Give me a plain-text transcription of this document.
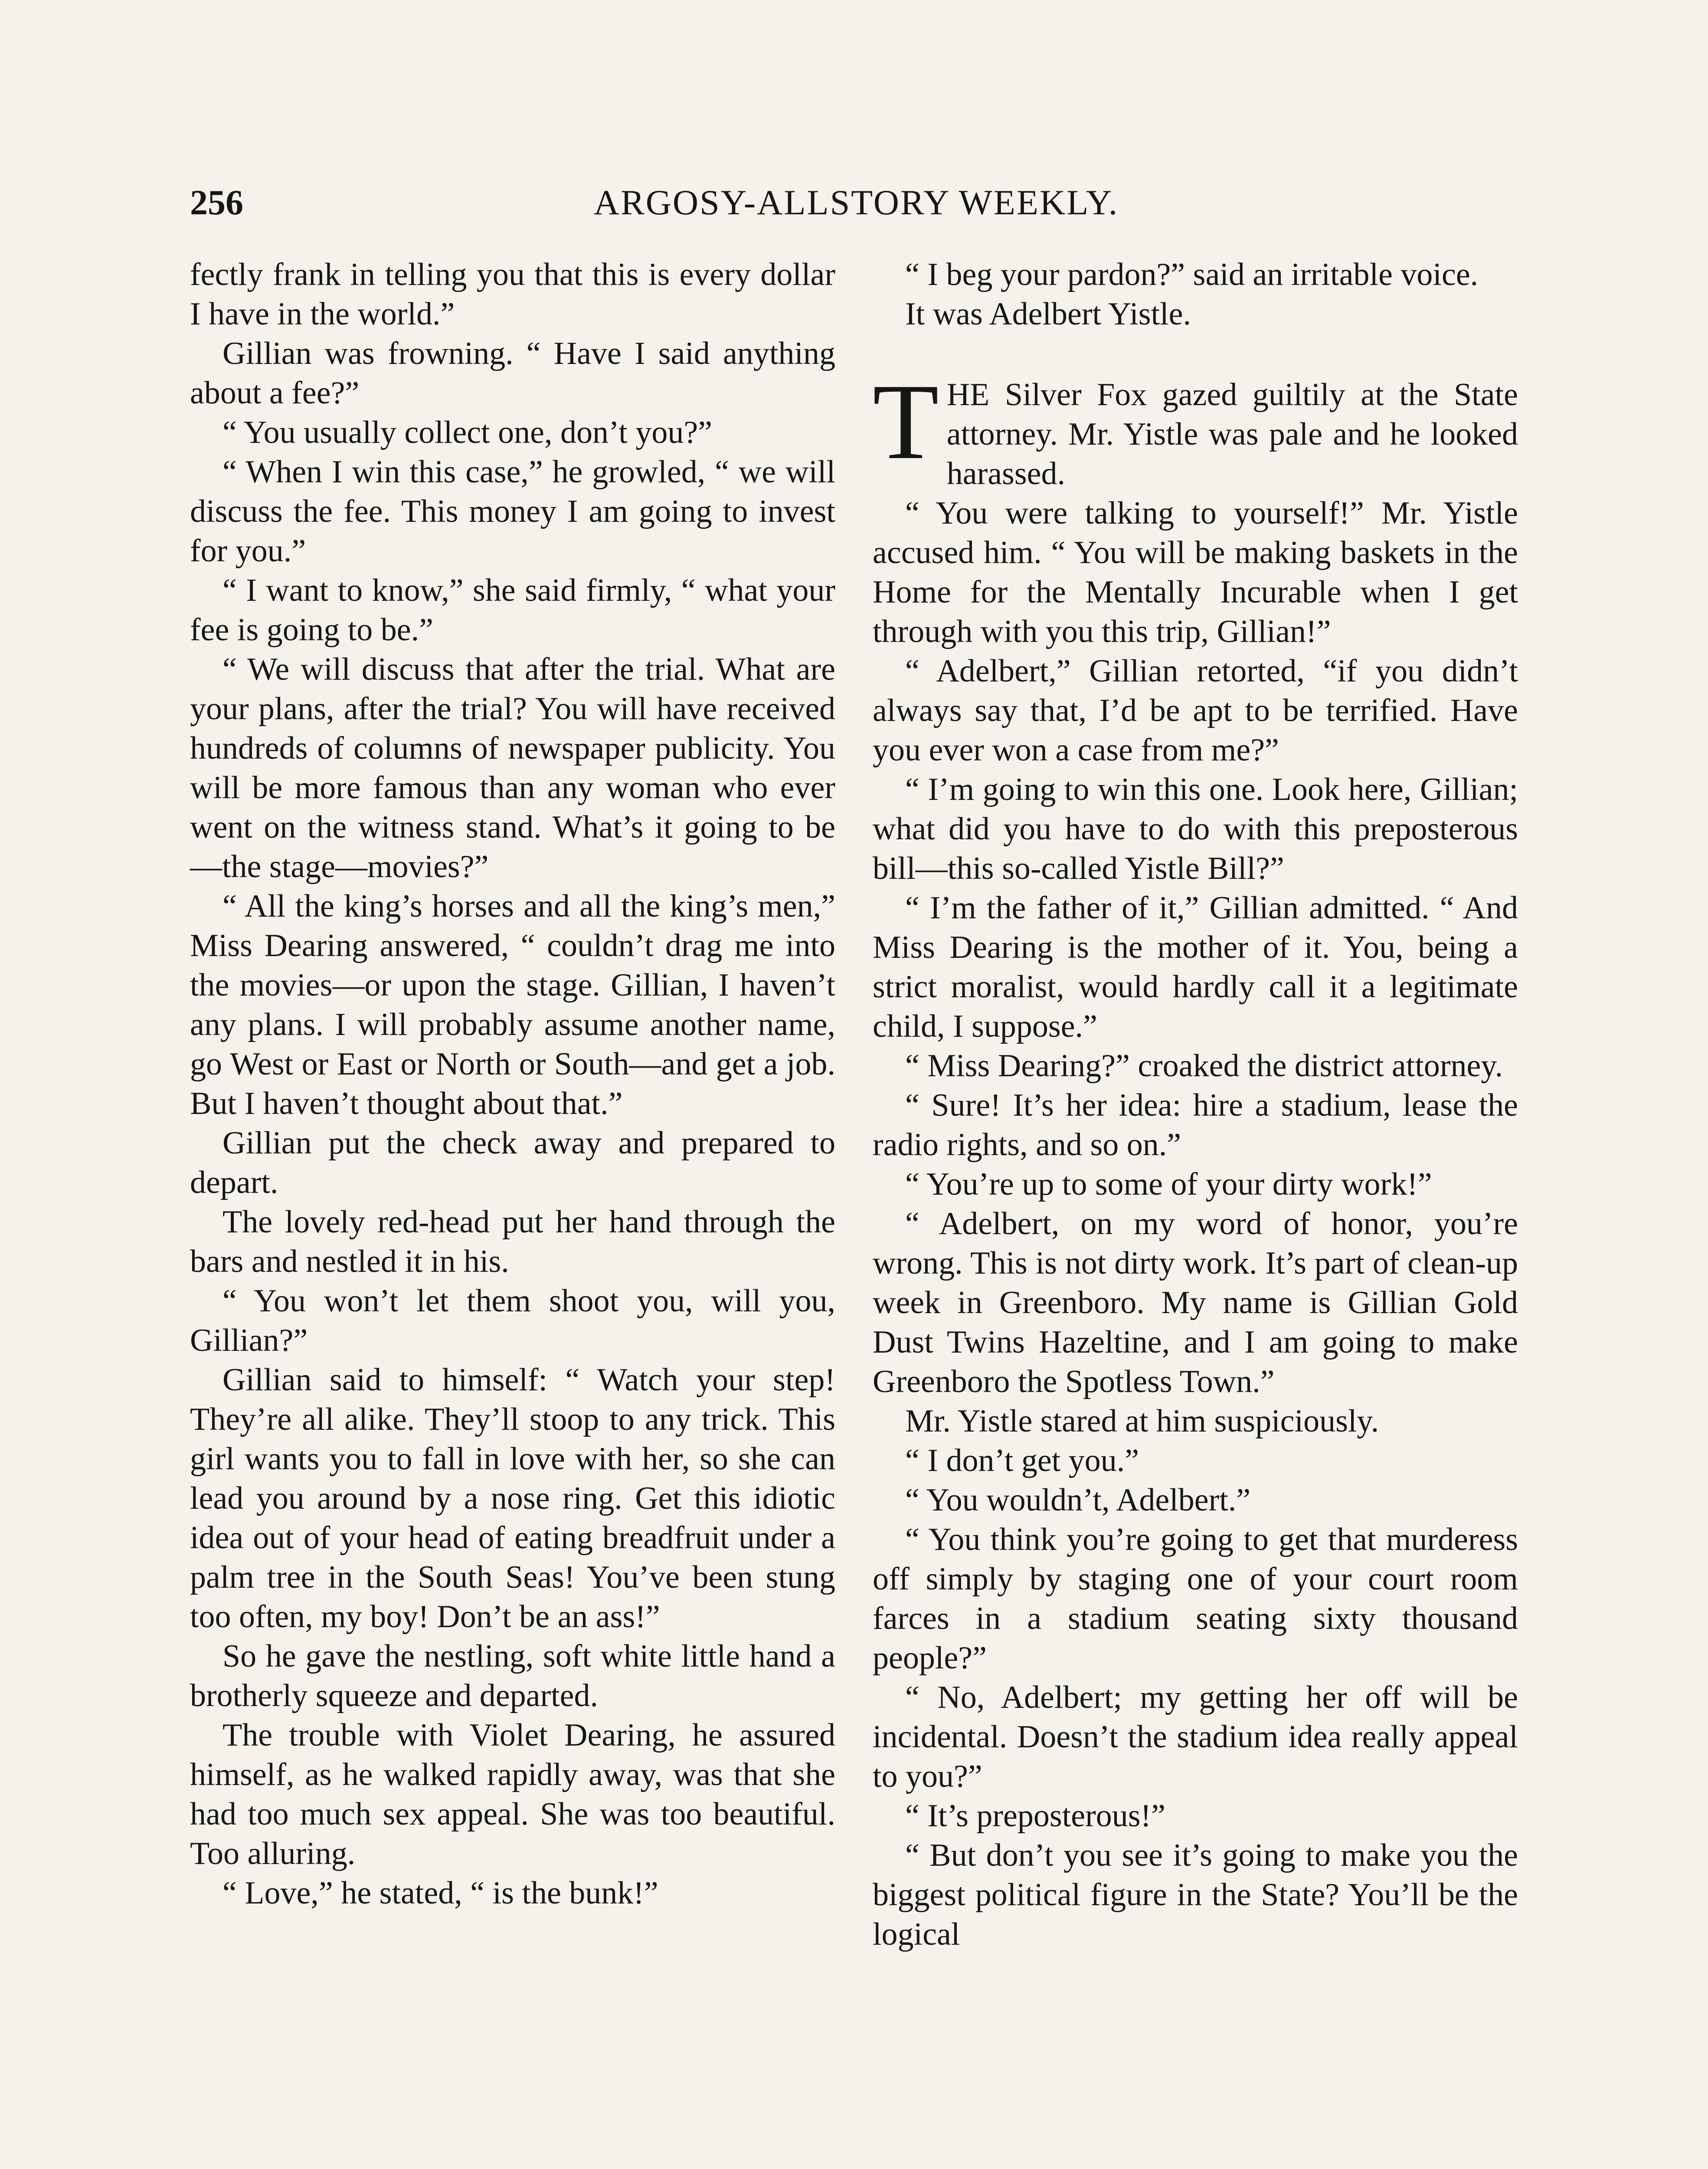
256	ARGOSY-ALLSTORY WEEKLY.

fectly frank in telling you that this is every dollar I have in the world.”

Gillian was frowning. “ Have I said anything about a fee?”

“ You usually collect one, don’t you?”

“ When I win this case,” he growled, “ we will discuss the fee. This money I am going to invest for you.”

“ I want to know,” she said firmly, “ what your fee is going to be.”

“ We will discuss that after the trial. What are your plans, after the trial? You will have received hundreds of columns of newspaper publicity. You will be more famous than any woman who ever went on the witness stand. What’s it going to be—the stage—movies?”

“ All the king’s horses and all the king’s men,” Miss Dearing answered, “ couldn’t drag me into the movies—or upon the stage. Gillian, I haven’t any plans. I will probably assume another name, go West or East or North or South—and get a job. But I haven’t thought about that.”

Gillian put the check away and prepared to depart.

The lovely red-head put her hand through the bars and nestled it in his.

“ You won’t let them shoot you, will you, Gillian?”

Gillian said to himself: “ Watch your step! They’re all alike. They’ll stoop to any trick. This girl wants you to fall in love with her, so she can lead you around by a nose ring. Get this idiotic idea out of your head of eating breadfruit under a palm tree in the South Seas! You’ve been stung too often, my boy! Don’t be an ass!”

So he gave the nestling, soft white little hand a brotherly squeeze and departed.

The trouble with Violet Dearing, he assured himself, as he walked rapidly away, was that she had too much sex appeal. She was too beautiful. Too alluring.

“ Love,” he stated, “ is the bunk!”

“ I beg your pardon?” said an irritable voice.

It was Adelbert Yistle.

THE Silver Fox gazed guiltily at the State attorney. Mr. Yistle was pale and he looked harassed.

“ You were talking to yourself!” Mr. Yistle accused him. “ You will be making baskets in the Home for the Mentally Incurable when I get through with you this trip, Gillian!”

“ Adelbert,” Gillian retorted, “if you didn’t always say that, I’d be apt to be terrified. Have you ever won a case from me?”

“ I’m going to win this one. Look here, Gillian; what did you have to do with this preposterous bill—this so-called Yistle Bill?”

“ I’m the father of it,” Gillian admitted. “ And Miss Dearing is the mother of it. You, being a strict moralist, would hardly call it a legitimate child, I suppose.”

“ Miss Dearing?” croaked the district attorney.

“ Sure! It’s her idea: hire a stadium, lease the radio rights, and so on.”

“ You’re up to some of your dirty work!”

“ Adelbert, on my word of honor, you’re wrong. This is not dirty work. It’s part of clean-up week in Greenboro. My name is Gillian Gold Dust Twins Hazeltine, and I am going to make Greenboro the Spotless Town.”

Mr. Yistle stared at him suspiciously.

“ I don’t get you.”

“ You wouldn’t, Adelbert.”

“ You think you’re going to get that murderess off simply by staging one of your court room farces in a stadium seating sixty thousand people?”

“ No, Adelbert; my getting her off will be incidental. Doesn’t the stadium idea really appeal to you?”

“ It’s preposterous!”

“ But don’t you see it’s going to make you the biggest political figure in the State? You’ll be the logical
